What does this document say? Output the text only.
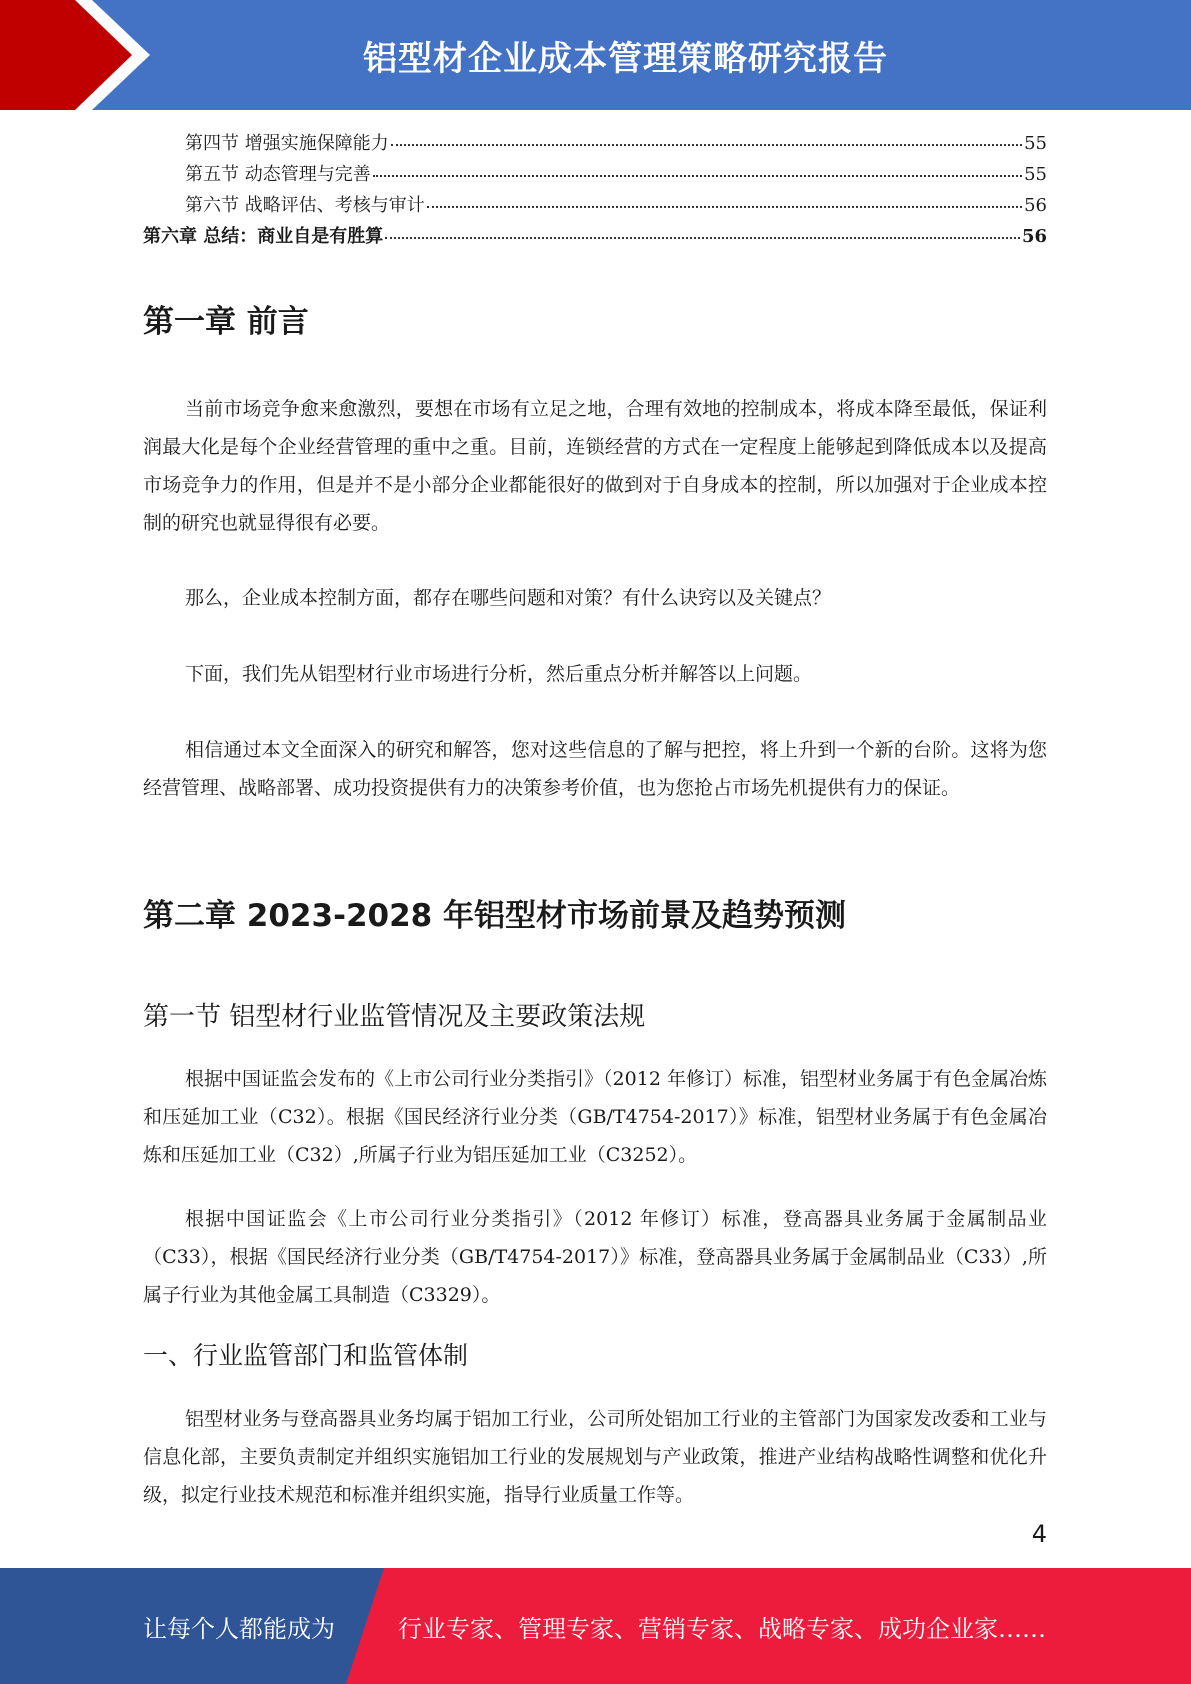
铝型材企业成本管理策略研究报告
第四节 增强实施保障能力	55
第五节 动态管理与完善	55
第六节 战略评估、考核与审计	56
第六章 总结：商业自是有胜算	56
第一章 前言

当前市场竞争愈来愈激烈，要想在市场有立足之地，合理有效地的控制成本，将成本降至最低，保证利润最大化是每个企业经营管理的重中之重。目前，连锁经营的方式在一定程度上能够起到降低成本以及提高市场竞争力的作用，但是并不是小部分企业都能很好的做到对于自身成本的控制，所以加强对于企业成本控制的研究也就显得很有必要。

那么，企业成本控制方面，都存在哪些问题和对策？有什么诀窍以及关键点？

下面，我们先从铝型材行业市场进行分析，然后重点分析并解答以上问题。

相信通过本文全面深入的研究和解答，您对这些信息的了解与把控，将上升到一个新的台阶。这将为您经营管理、战略部署、成功投资提供有力的决策参考价值，也为您抢占市场先机提供有力的保证。

第二章 2023-2028 年铝型材市场前景及趋势预测
第一节 铝型材行业监管情况及主要政策法规

根据中国证监会发布的《上市公司行业分类指引》（2012 年修订）标准，铝型材业务属于有色金属冶炼和压延加工业（C32）。根据《国民经济行业分类（GB/T4754-2017）》标准，铝型材业务属于有色金属冶炼和压延加工业（C32）,所属子行业为铝压延加工业（C3252）。

根据中国证监会《上市公司行业分类指引》（2012 年修订）标准，登高器具业务属于金属制品业（C33），根据《国民经济行业分类（GB/T4754-2017）》标准，登高器具业务属于金属制品业（C33）,所属子行业为其他金属工具制造（C3329）。

一、行业监管部门和监管体制

铝型材业务与登高器具业务均属于铝加工行业，公司所处铝加工行业的主管部门为国家发改委和工业与信息化部，主要负责制定并组织实施铝加工行业的发展规划与产业政策，推进产业结构战略性调整和优化升级，拟定行业技术规范和标准并组织实施，指导行业质量工作等。

4
让每个人都能成为	行业专家、管理专家、营销专家、战略专家、成功企业家……
